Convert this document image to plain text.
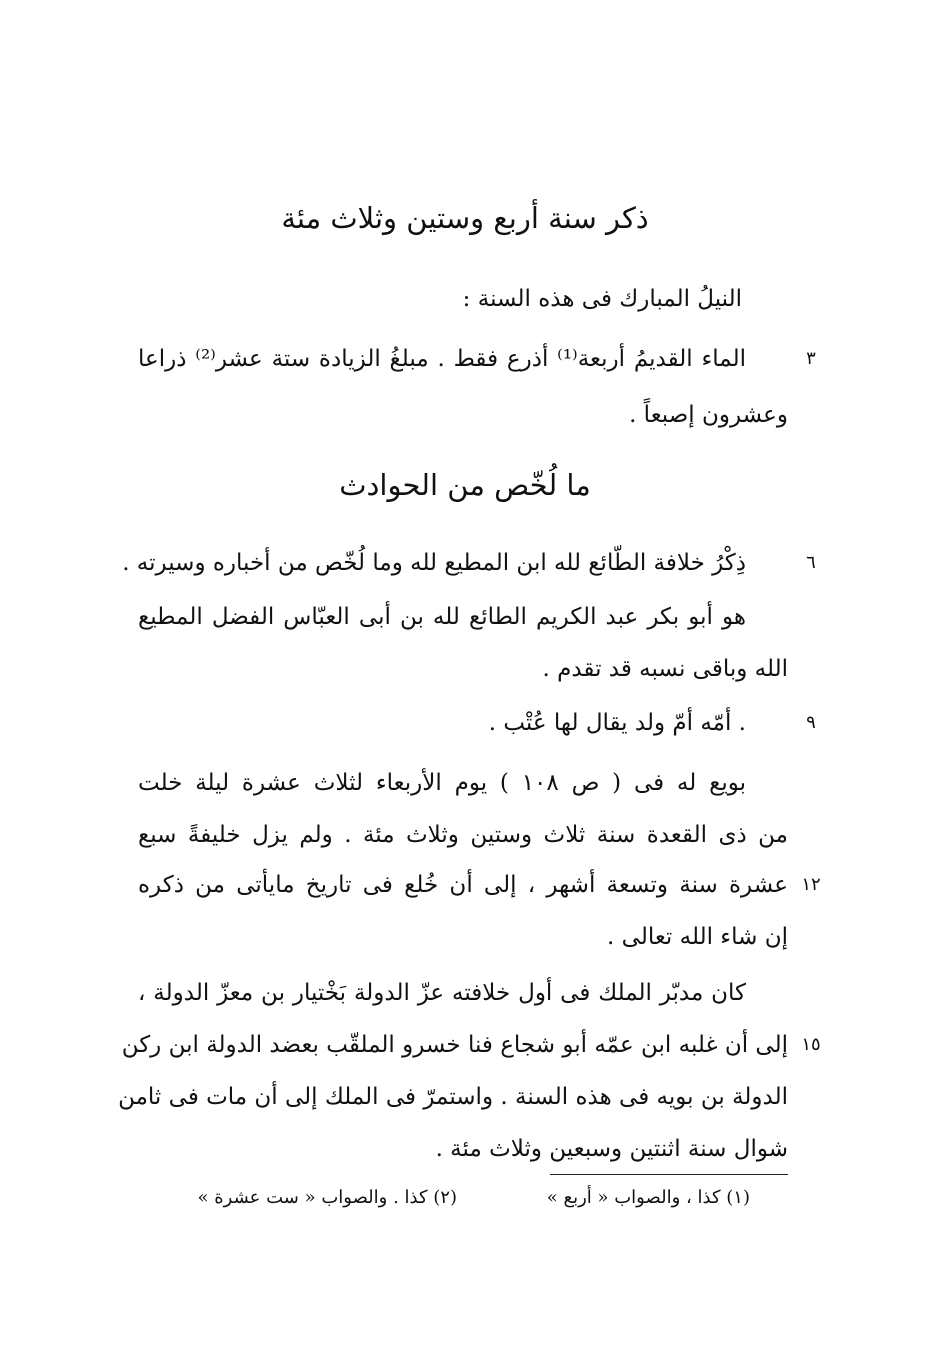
ذكر سنة أربع وستين وثلاث مئة
النيلُ المبارك فى هذه السنة :
٣
الماء القديمُ أربعة⁽¹⁾ أذرع فقط . مبلغُ الزيادة ستة عشر⁽²⁾ ذراعا
وعشرون إصبعاً .
ما لُخّص من الحوادث
٦
ذِكْرُ خلافة الطّائع لله ابن المطيع لله وما لُخّص من أخباره وسيرته .
هو أبو بكر عبد الكريم الطائع لله بن أبى العبّاس الفضل المطيع
الله وباقى نسبه قد تقدم .
٩
. أمّه أمّ ولد يقال لها عُتْب .
بويع له فى ( ص ١٠٨ ) يوم الأربعاء لثلاث عشرة ليلة خلت
من ذى القعدة سنة ثلاث وستين وثلاث مئة . ولم يزل خليفةً سبع
١٢
عشرة سنة وتسعة أشهر ، إلى أن خُلع فى تاريخ مايأتى من ذكره
إن شاء الله تعالى .
كان مدبّر الملك فى أول خلافته عزّ الدولة بَخْتيار بن معزّ الدولة ،
١٥
إلى أن غلبه ابن عمّه أبو شجاع فنا خسرو الملقّب بعضد الدولة ابن ركن
الدولة بن بويه فى هذه السنة . واستمرّ فى الملك إلى أن مات فى ثامن
شوال سنة اثنتين وسبعين وثلاث مئة .
(١) كذا ، والصواب « أربع »
(٢) كذا . والصواب « ست عشرة »
